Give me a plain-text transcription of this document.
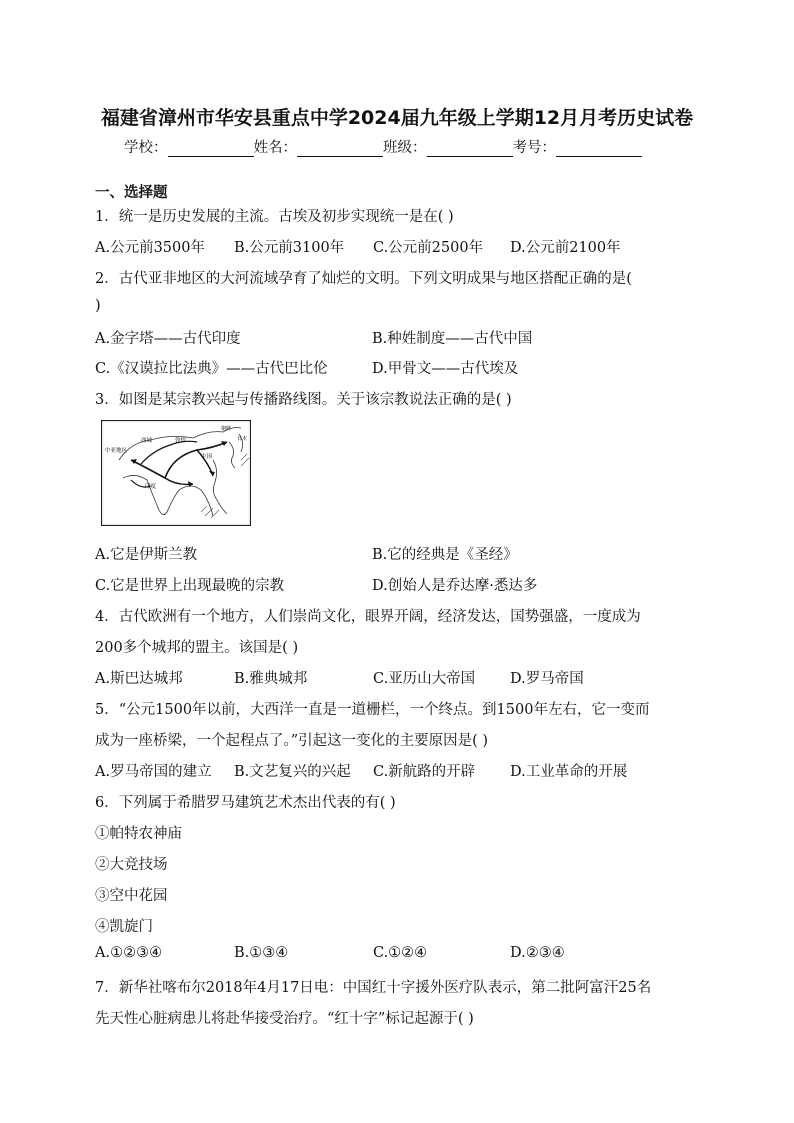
福建省漳州市华安县重点中学2024届九年级上学期12月月考历史试卷
学校：	姓名：	班级：	考号：
一、选择题
1．统一是历史发展的主流。古埃及初步实现统一是在( )
A.公元前3500年 B.公元前3100年 C.公元前2500年 D.公元前2100年
2．古代亚非地区的大河流域孕育了灿烂的文明。下列文明成果与地区搭配正确的是(
)
A.金字塔——古代印度	B.种姓制度——古代中国
C.《汉谟拉比法典》——古代巴比伦	D.甲骨文——古代埃及
3．如图是某宗教兴起与传播路线图。关于该宗教说法正确的是( )
中亚地区
西域	敦煌
中国
朝鲜
日本
印度
A.它是伊斯兰教	B.它的经典是《圣经》
C.它是世界上出现最晚的宗教	D.创始人是乔达摩·悉达多
4．古代欧洲有一个地方，人们崇尚文化，眼界开阔，经济发达，国势强盛，一度成为
200多个城邦的盟主。该国是( )
A.斯巴达城邦	B.雅典城邦	C.亚历山大帝国 D.罗马帝国
5．“公元1500年以前，大西洋一直是一道栅栏，一个终点。到1500年左右，它一变而
成为一座桥梁，一个起程点了。”引起这一变化的主要原因是( )
A.罗马帝国的建立 B.文艺复兴的兴起 C.新航路的开辟 D.工业革命的开展
6．下列属于希腊罗马建筑艺术杰出代表的有( )
①帕特农神庙
②大竞技场
③空中花园
④凯旋门
A.①②③④	B.①③④	C.①②④	D.②③④
7．新华社喀布尔2018年4月17日电：中国红十字援外医疗队表示，第二批阿富汗25名
先天性心脏病患儿将赴华接受治疗。“红十字”标记起源于( )
